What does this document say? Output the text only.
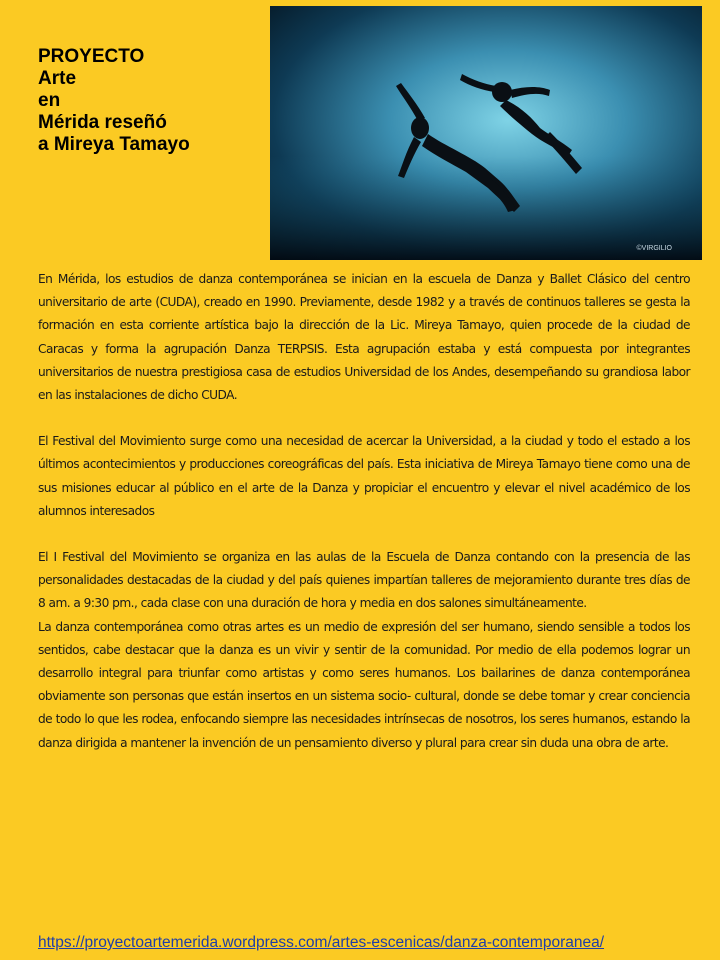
PROYECTO
Arte
en
Mérida reseñó
a Mireya Tamayo
©VIRGILIO

En Mérida, los estudios de danza contemporánea se inician en la escuela de Danza y Ballet Clásico del centro universitario de arte (CUDA), creado en 1990. Previamente, desde 1982 y a través de continuos talleres se gesta la formación en esta corriente artística bajo la dirección de la Lic. Mireya Tamayo, quien procede de la ciudad de Caracas y forma la agrupación Danza TERPSIS. Esta agrupación estaba y está compuesta por integrantes universitarios de nuestra prestigiosa casa de estudios Universidad de los Andes, desempeñando su grandiosa labor en las instalaciones de dicho CUDA.

El Festival del Movimiento surge como una necesidad de acercar la Universidad, a la ciudad y todo el estado a los últimos acontecimientos y producciones coreográficas del país. Esta iniciativa de Mireya Tamayo tiene como una de sus misiones educar al público en el arte de la Danza y propiciar el encuentro y elevar el nivel académico de los alumnos interesados

El I Festival del Movimiento se organiza en las aulas de la Escuela de Danza contando con la presencia de las personalidades destacadas de la ciudad y del país quienes impartían talleres de mejoramiento durante tres días de 8 am. a 9:30 pm., cada clase con una duración de hora y media en dos salones simultáneamente.

La danza contemporánea como otras artes es un medio de expresión del ser humano, siendo sensible a todos los sentidos, cabe destacar que la danza es un vivir y sentir de la comunidad. Por medio de ella podemos lograr un desarrollo integral para triunfar como artistas y como seres humanos. Los bailarines de danza contemporánea obviamente son personas que están insertos en un sistema socio- cultural, donde se debe tomar y crear conciencia de todo lo que les rodea, enfocando siempre las necesidades intrínsecas de nosotros, los seres humanos, estando la danza dirigida a mantener la invención de un pensamiento diverso y plural para crear sin duda una obra de arte.

https://proyectoartemerida.wordpress.com/artes-escenicas/danza-contemporanea/
